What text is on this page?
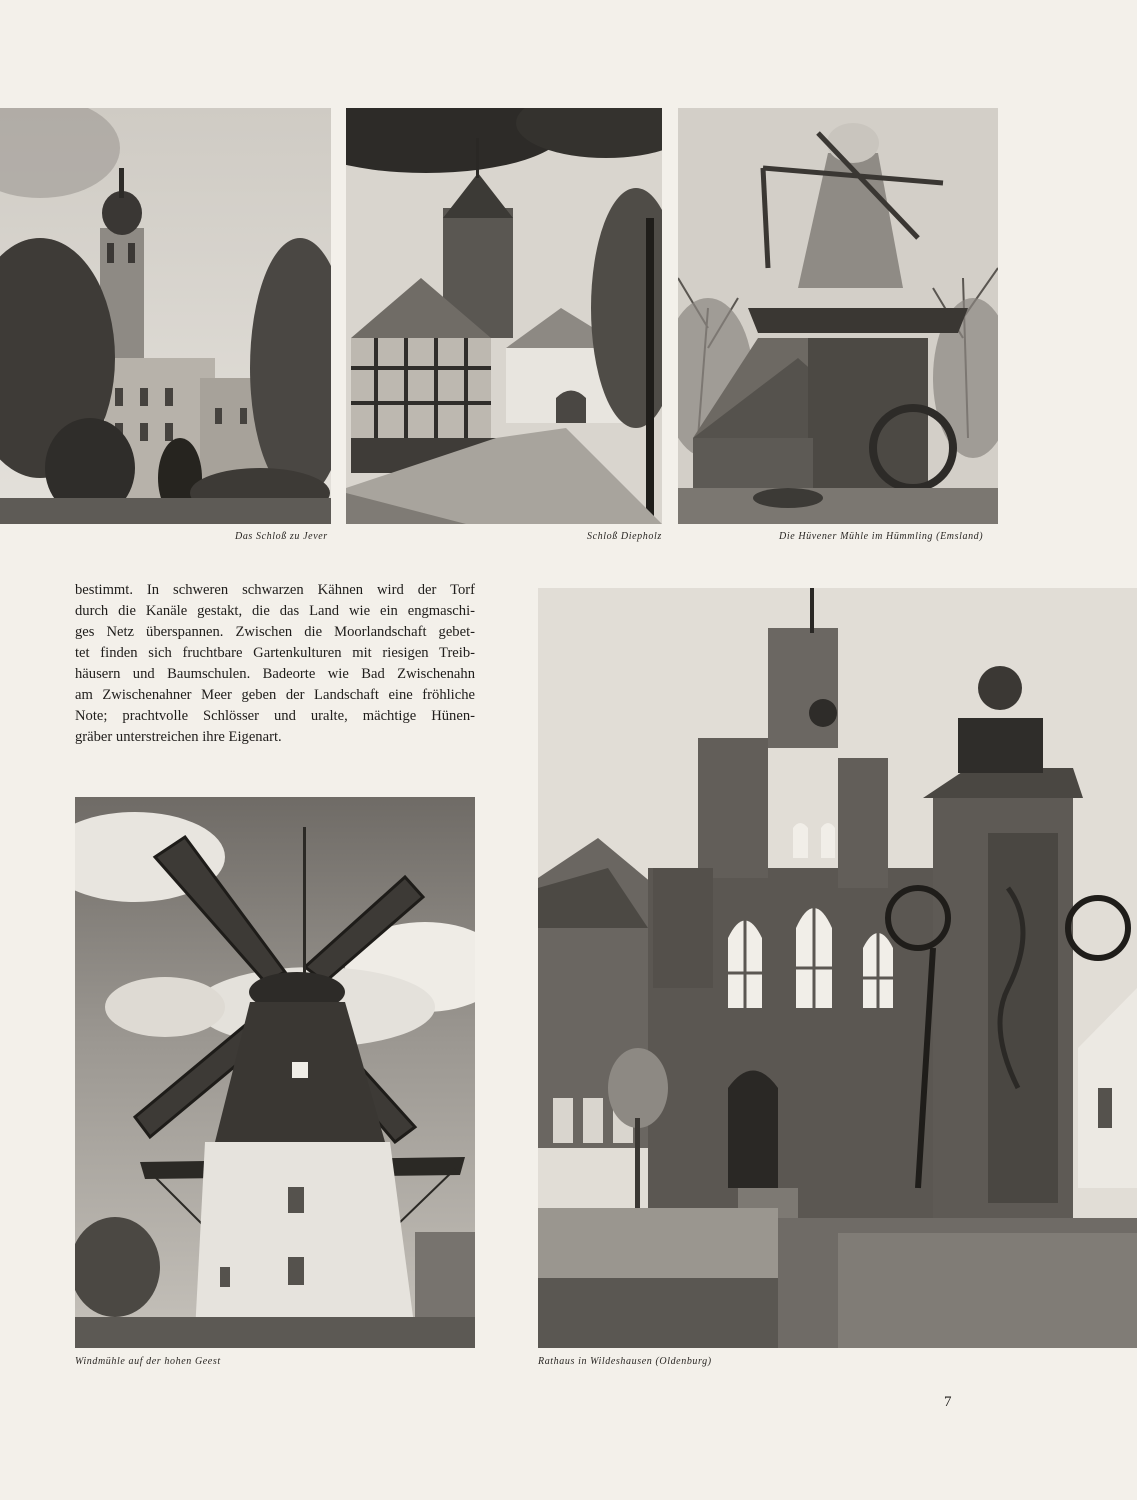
Das Schloß zu Jever	Schloß Diepholz	Die Hüvener Mühle im Hümmling (Emsland)
bestimmt. In schweren schwarzen Kähnen wird der Torf
durch die Kanäle gestakt, die das Land wie ein engmaschi-
ges Netz überspannen. Zwischen die Moorlandschaft gebet-
tet finden sich fruchtbare Gartenkulturen mit riesigen Treib-
häusern und Baumschulen. Badeorte wie Bad Zwischenahn
am Zwischenahner Meer geben der Landschaft eine fröhliche
Note; prachtvolle Schlösser und uralte, mächtige Hünen-
gräber unterstreichen ihre Eigenart.
Rathaus in Wildeshausen (Oldenburg)
Windmühle auf der hohen Geest
7
